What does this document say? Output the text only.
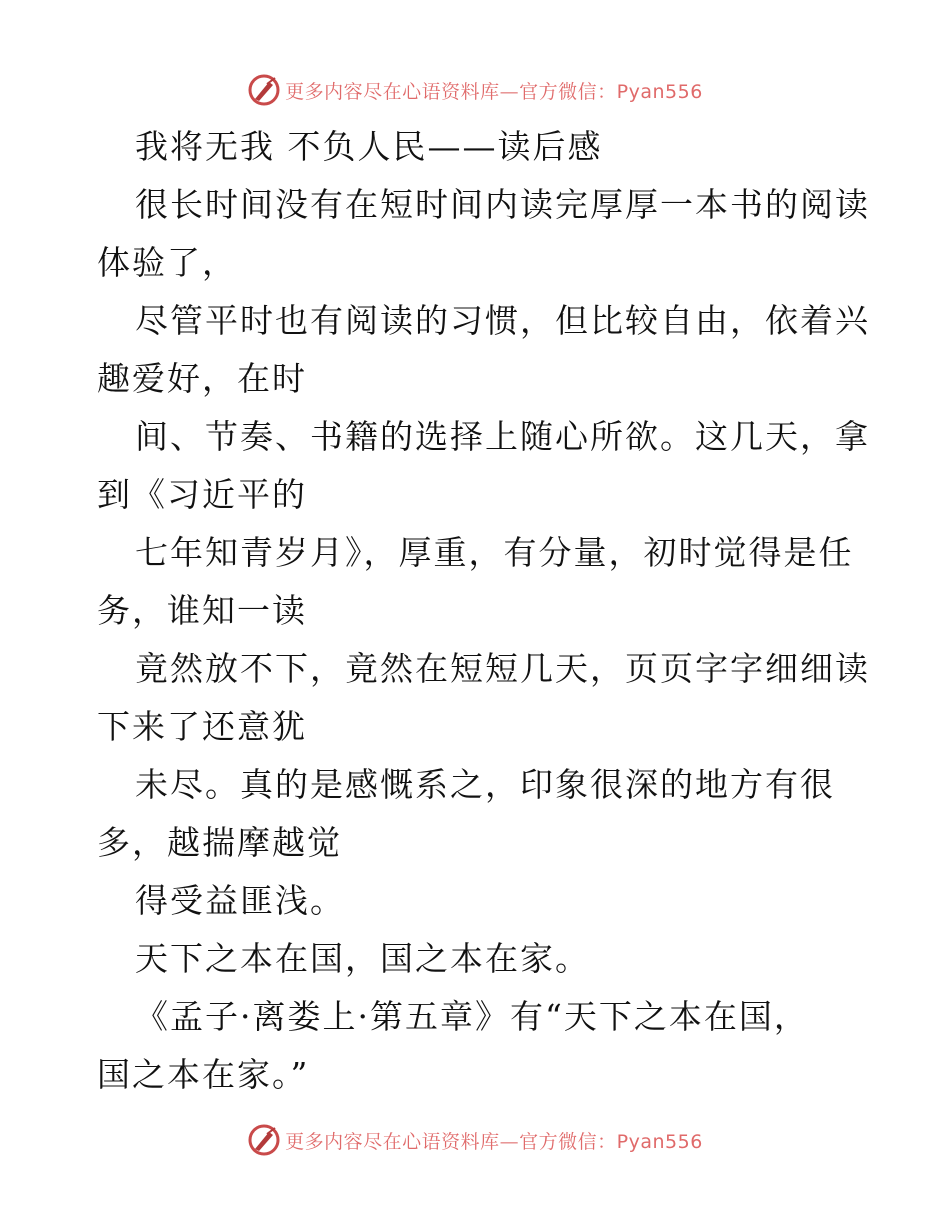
更多内容尽在心语资料库—官方微信：Pyan556
我将无我 不负人民——读后感
很长时间没有在短时间内读完厚厚一本书的阅读
体验了，
尽管平时也有阅读的习惯，但比较自由，依着兴
趣爱好，在时
间、节奏、书籍的选择上随心所欲。这几天，拿
到《习近平的
七年知青岁月》，厚重，有分量，初时觉得是任
务，谁知一读
竟然放不下，竟然在短短几天，页页字字细细读
下来了还意犹
未尽。真的是感慨系之，印象很深的地方有很
多，越揣摩越觉
得受益匪浅。
天下之本在国，国之本在家。
《孟子·离娄上·第五章》有“天下之本在国，
国之本在家。”
更多内容尽在心语资料库—官方微信：Pyan556
